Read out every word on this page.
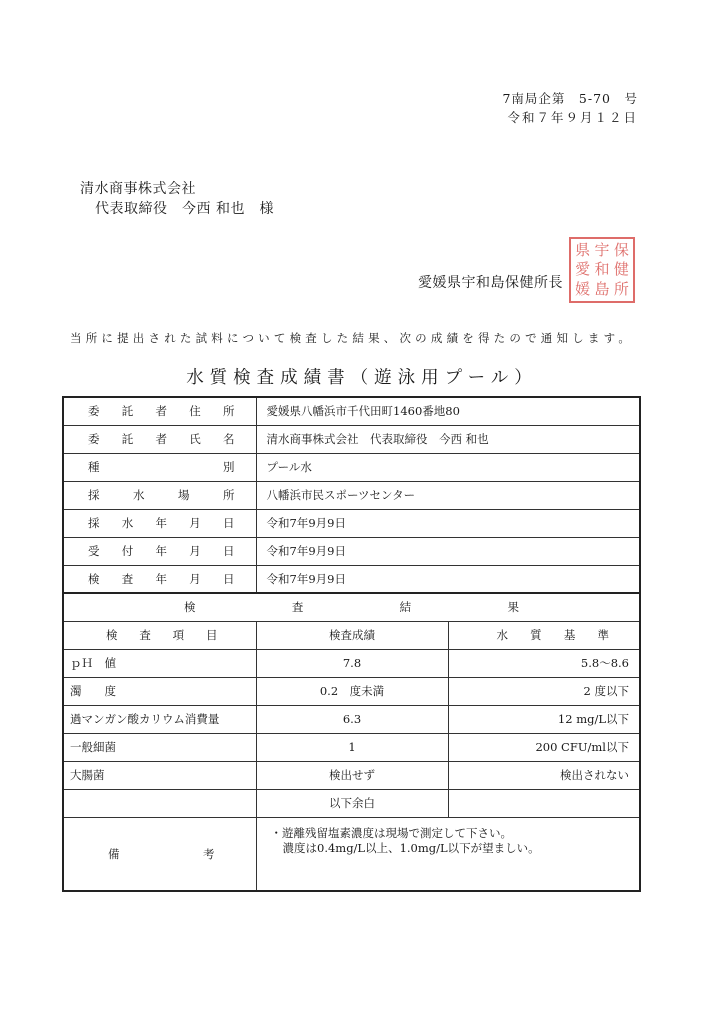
7南局企第　5-70　号
令和７年９月１２日
清水商事株式会社
代表取締役　今西 和也　様
愛媛県宇和島保健所長
県 宇 保
愛 和 健
媛 島 所
当所に提出された試料について検査した結果、次の成績を得たので通知します。
水質検査成績書（遊泳用プール）
委託者住所	愛媛県八幡浜市千代田町1460番地80	
委託者氏名	清水商事株式会社　代表取締役　今西 和也	
種別	プール水	
採水場所	八幡浜市民スポーツセンター	
採水年月日	令和7年9月9日	
受付年月日	令和7年9月9日	
検査年月日	令和7年9月9日	
検査結果		
検査項目	検査成績	水質基準
ｐＨ　値	7.8	5.8～8.6
濁　　度	0.2　度未満	2 度以下
過マンガン酸カリウム消費量	6.3	12 mg/L以下
一般細菌	1	200 CFU/ml以下
大腸菌	検出せず	検出されない
	以下余白	
備考	・遊離残留塩素濃度は現場で測定して下さい。
濃度は0.4mg/L以上、1.0mg/L以下が望ましい。	
